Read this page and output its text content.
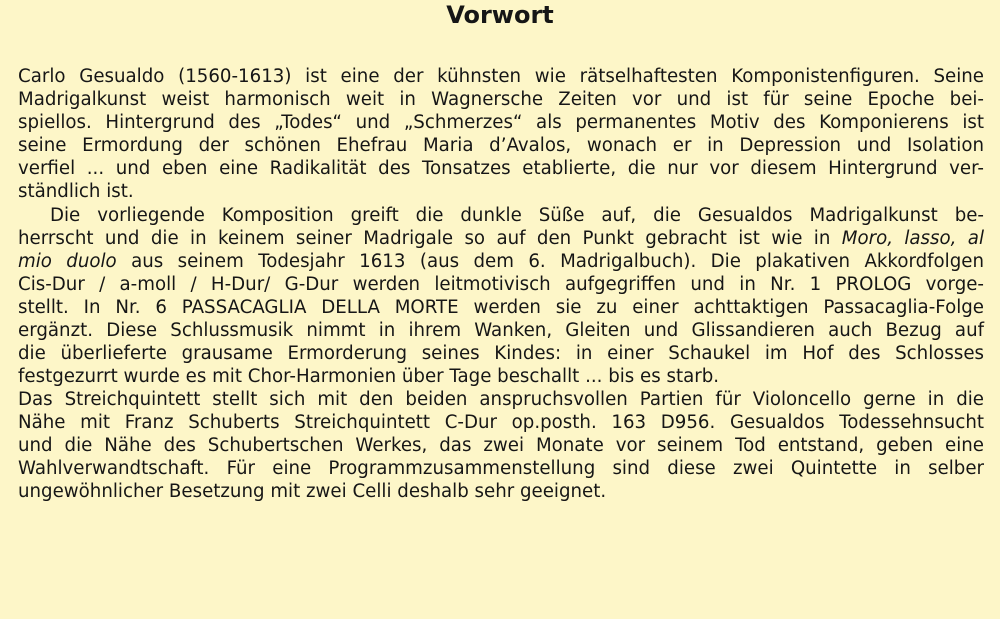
Vorwort
Carlo Gesualdo (1560-1613) ist eine der kühnsten wie rätselhaftesten Komponistenfiguren. Seine
Madrigalkunst weist harmonisch weit in Wagnersche Zeiten vor und ist für seine Epoche bei-
spiellos. Hintergrund des „Todes“ und „Schmerzes“ als permanentes Motiv des Komponierens ist
seine Ermordung der schönen Ehefrau Maria d’Avalos, wonach er in Depression und Isolation
verfiel ... und eben eine Radikalität des Tonsatzes etablierte, die nur vor diesem Hintergrund ver-
ständlich ist.
Die vorliegende Komposition greift die dunkle Süße auf, die Gesualdos Madrigalkunst be-
herrscht und die in keinem seiner Madrigale so auf den Punkt gebracht ist wie in Moro, lasso, al
mio duolo aus seinem Todesjahr 1613 (aus dem 6. Madrigalbuch). Die plakativen Akkordfolgen
Cis-Dur / a-moll / H-Dur/ G-Dur werden leitmotivisch aufgegriffen und in Nr. 1 PROLOG vorge-
stellt. In Nr. 6 PASSACAGLIA DELLA MORTE werden sie zu einer achttaktigen Passacaglia-Folge
ergänzt. Diese Schlussmusik nimmt in ihrem Wanken, Gleiten und Glissandieren auch Bezug auf
die überlieferte grausame Ermorderung seines Kindes: in einer Schaukel im Hof des Schlosses
festgezurrt wurde es mit Chor-Harmonien über Tage beschallt ... bis es starb.
Das Streichquintett stellt sich mit den beiden anspruchsvollen Partien für Violoncello gerne in die
Nähe mit Franz Schuberts Streichquintett C-Dur op.posth. 163 D956. Gesualdos Todessehnsucht
und die Nähe des Schubertschen Werkes, das zwei Monate vor seinem Tod entstand, geben eine
Wahlverwandtschaft. Für eine Programmzusammenstellung sind diese zwei Quintette in selber
ungewöhnlicher Besetzung mit zwei Celli deshalb sehr geeignet.
